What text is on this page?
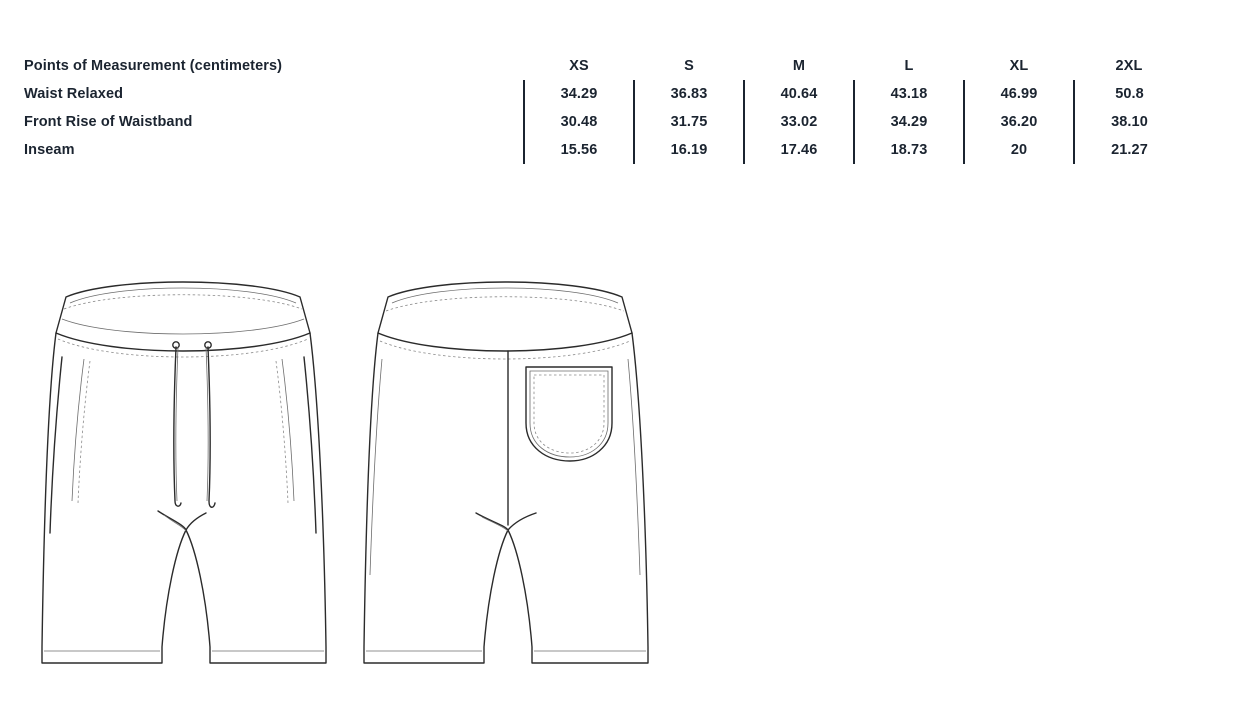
Points of Measurement (centimeters)	XS	S	M	L	XL	2XL
Waist Relaxed	34.29	36.83	40.64	43.18	46.99	50.8
Front Rise of Waistband	30.48	31.75	33.02	34.29	36.20	38.10
Inseam	15.56	16.19	17.46	18.73	20	21.27
